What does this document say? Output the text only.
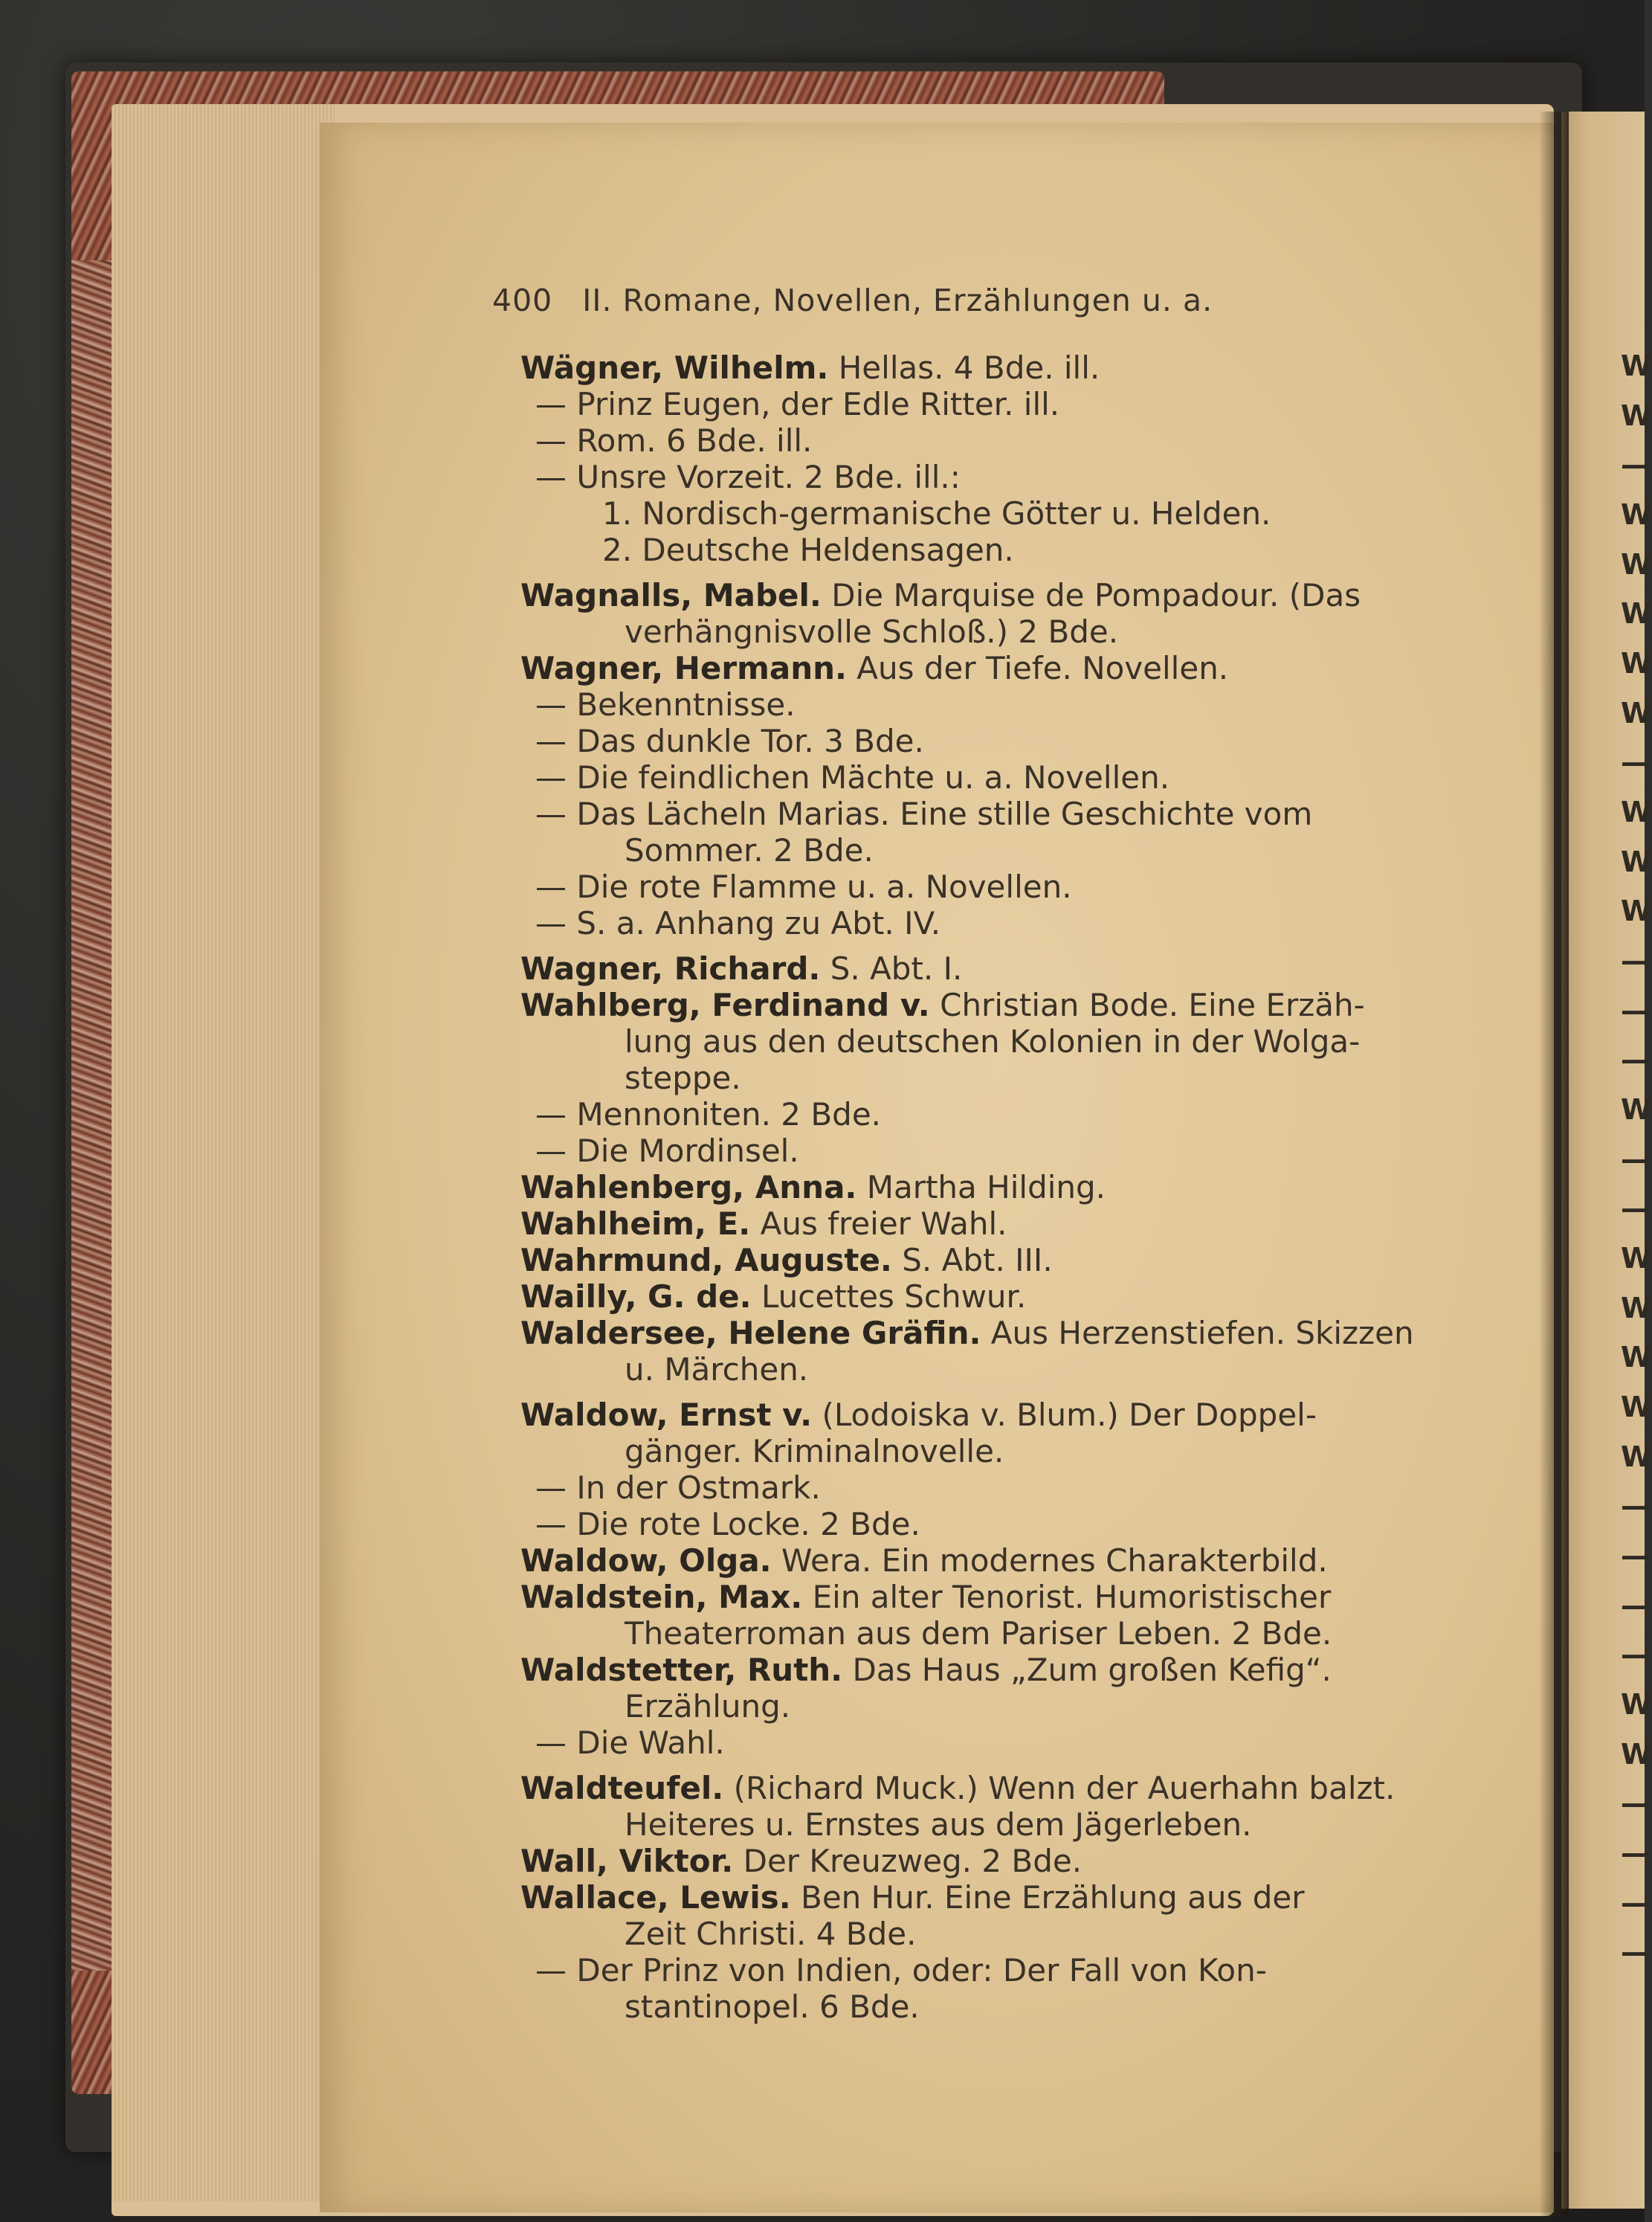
400 II. Romane, Novellen, Erzählungen u. a.
Wägner, Wilhelm. Hellas. 4 Bde. ill.
— Prinz Eugen, der Edle Ritter. ill.
— Rom. 6 Bde. ill.
— Unsre Vorzeit. 2 Bde. ill.:
1. Nordisch-germanische Götter u. Helden.
2. Deutsche Heldensagen.
Wagnalls, Mabel. Die Marquise de Pompadour. (Das
verhängnisvolle Schloß.) 2 Bde.
Wagner, Hermann. Aus der Tiefe. Novellen.
— Bekenntnisse.
— Das dunkle Tor. 3 Bde.
— Die feindlichen Mächte u. a. Novellen.
— Das Lächeln Marias. Eine stille Geschichte vom
Sommer. 2 Bde.
— Die rote Flamme u. a. Novellen.
— S. a. Anhang zu Abt. IV.
Wagner, Richard. S. Abt. I.
Wahlberg, Ferdinand v. Christian Bode. Eine Erzäh-
lung aus den deutschen Kolonien in der Wolga-
steppe.
— Mennoniten. 2 Bde.
— Die Mordinsel.
Wahlenberg, Anna. Martha Hilding.
Wahlheim, E. Aus freier Wahl.
Wahrmund, Auguste. S. Abt. III.
Wailly, G. de. Lucettes Schwur.
Waldersee, Helene Gräfin. Aus Herzenstiefen. Skizzen
u. Märchen.
Waldow, Ernst v. (Lodoiska v. Blum.) Der Doppel-
gänger. Kriminalnovelle.
— In der Ostmark.
— Die rote Locke. 2 Bde.
Waldow, Olga. Wera. Ein modernes Charakterbild.
Waldstein, Max. Ein alter Tenorist. Humoristischer
Theaterroman aus dem Pariser Leben. 2 Bde.
Waldstetter, Ruth. Das Haus „Zum großen Kefig“.
Erzählung.
— Die Wahl.
Waldteufel. (Richard Muck.) Wenn der Auerhahn balzt.
Heiteres u. Ernstes aus dem Jägerleben.
Wall, Viktor. Der Kreuzweg. 2 Bde.
Wallace, Lewis. Ben Hur. Eine Erzählung aus der
Zeit Christi. 4 Bde.
— Der Prinz von Indien, oder: Der Fall von Kon-
stantinopel. 6 Bde.
W
W
—
W
W
W
W
W
—
W
W
W
—
—
—
W
—
—
W
W
W
W
W
—
—
—
—
W
W
—
—
—
—
